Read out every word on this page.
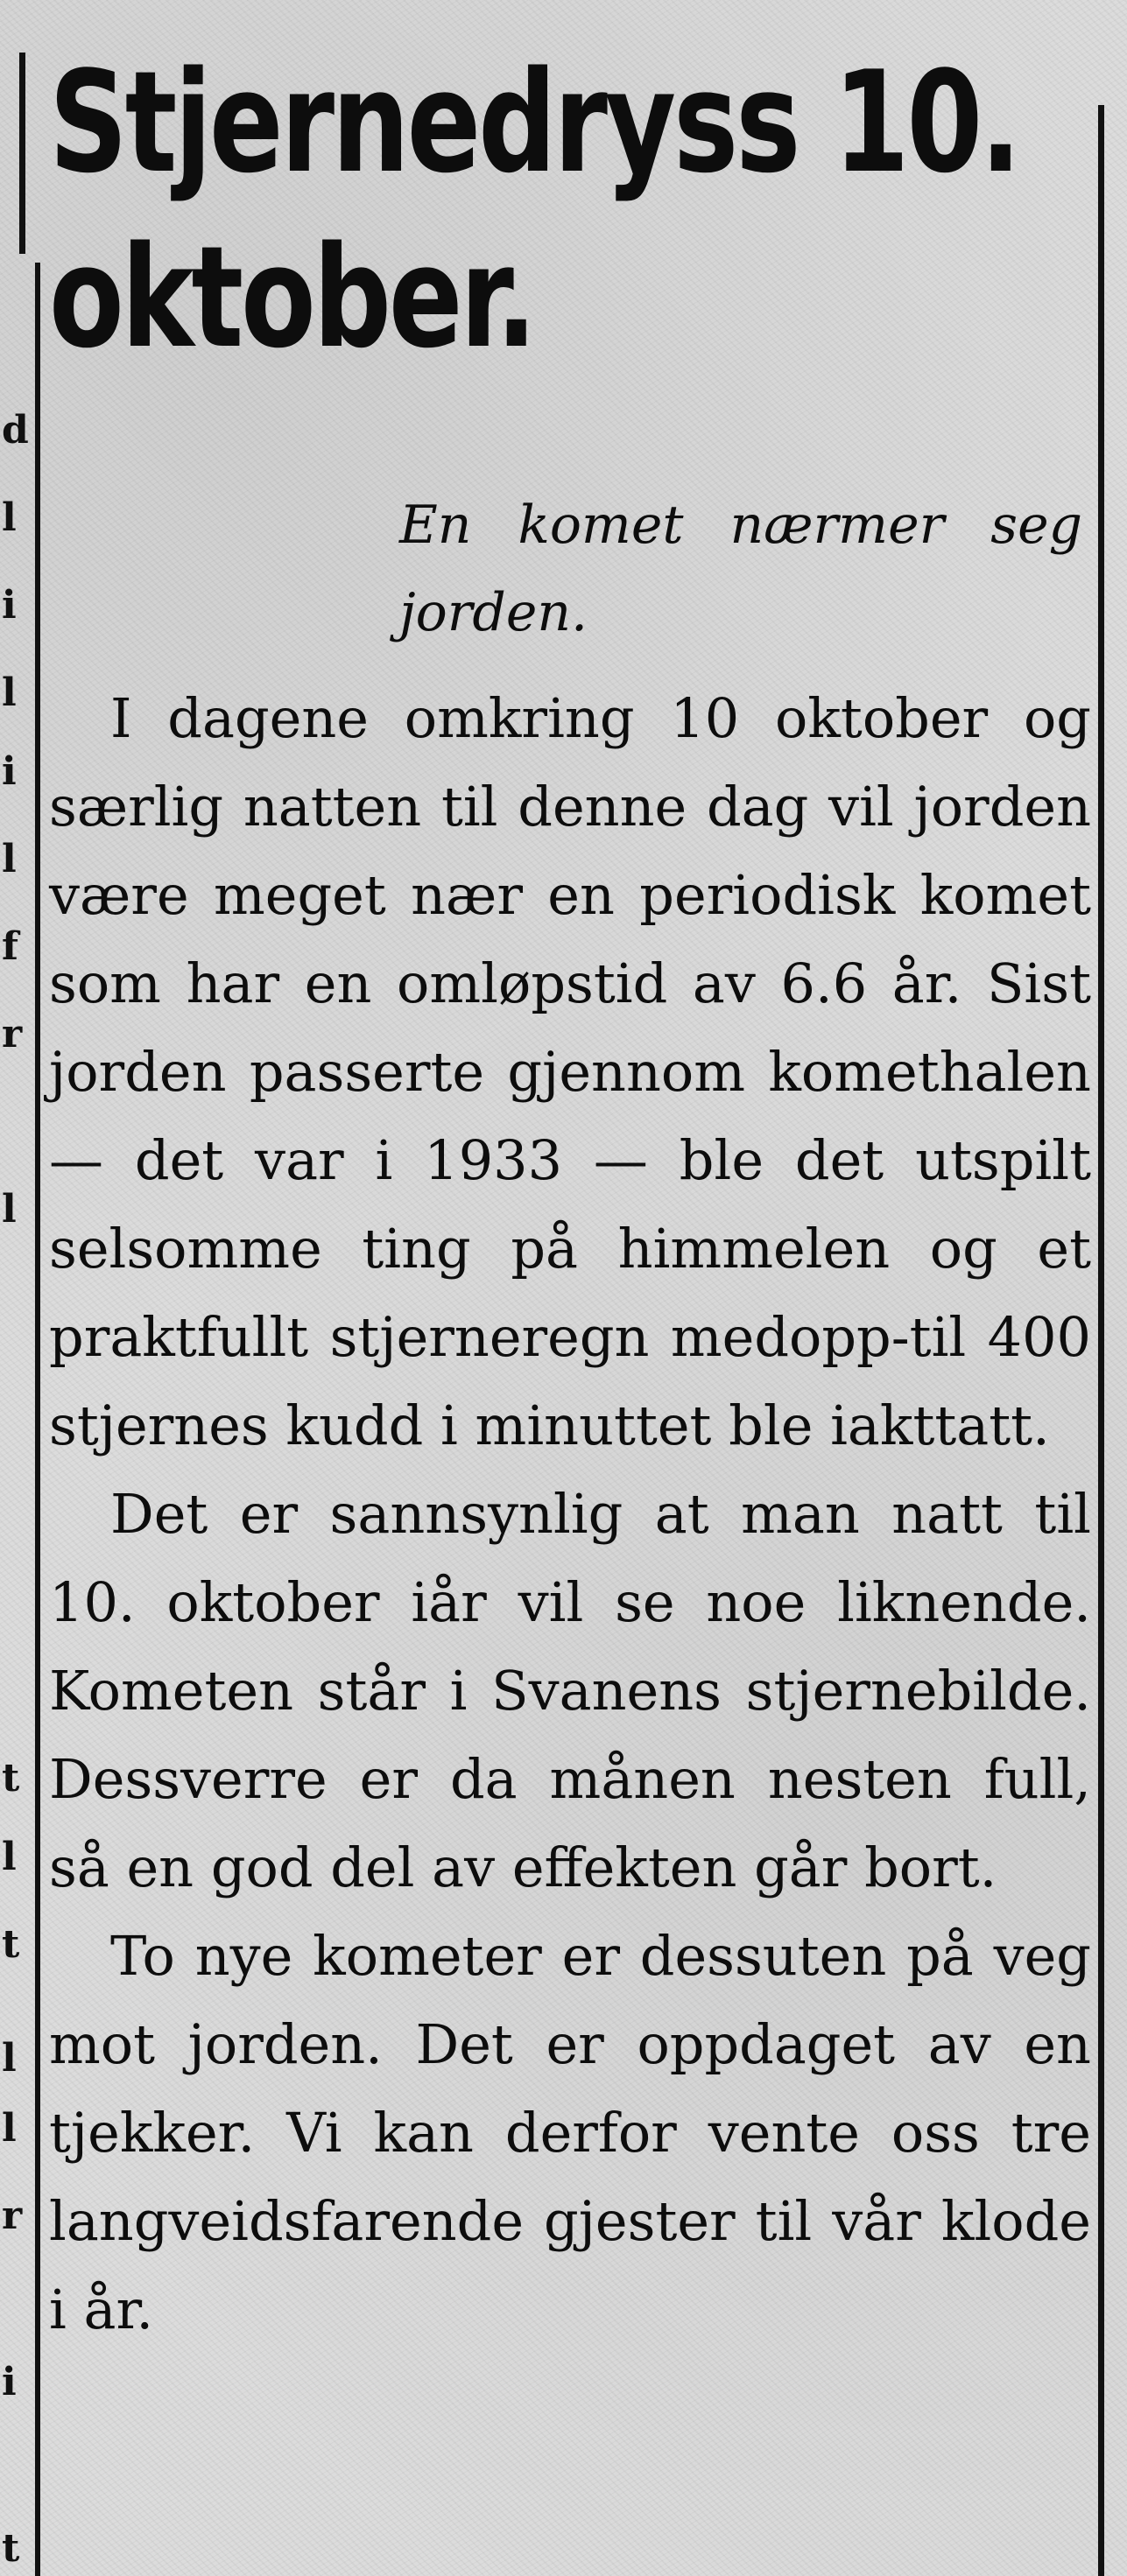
d
l
i
l
i
l
f
r
l
t
l
t
l
l
r
i
t
Stjernedryss 10. oktober.
En komet nærmer seg jorden.

I dagene omkring 10 oktober og særlig natten til denne dag vil jorden være meget nær en periodisk komet som har en omløpstid av 6.6 år. Sist jorden passerte gjennom komethalen — det var i 1933 — ble det utspilt selsomme ting på himmelen og et praktfullt stjerneregn medopp-til 400 stjernes kudd i minuttet ble iakttatt.

Det er sannsynlig at man natt til 10. oktober iår vil se noe liknende. Kometen står i Svanens stjernebilde. Dessverre er da månen nesten full, så en god del av effekten går bort.

To nye kometer er dessuten på veg mot jorden. Det er oppdaget av en tjekker. Vi kan derfor vente oss tre langveidsfarende gjester til vår klode i år.
